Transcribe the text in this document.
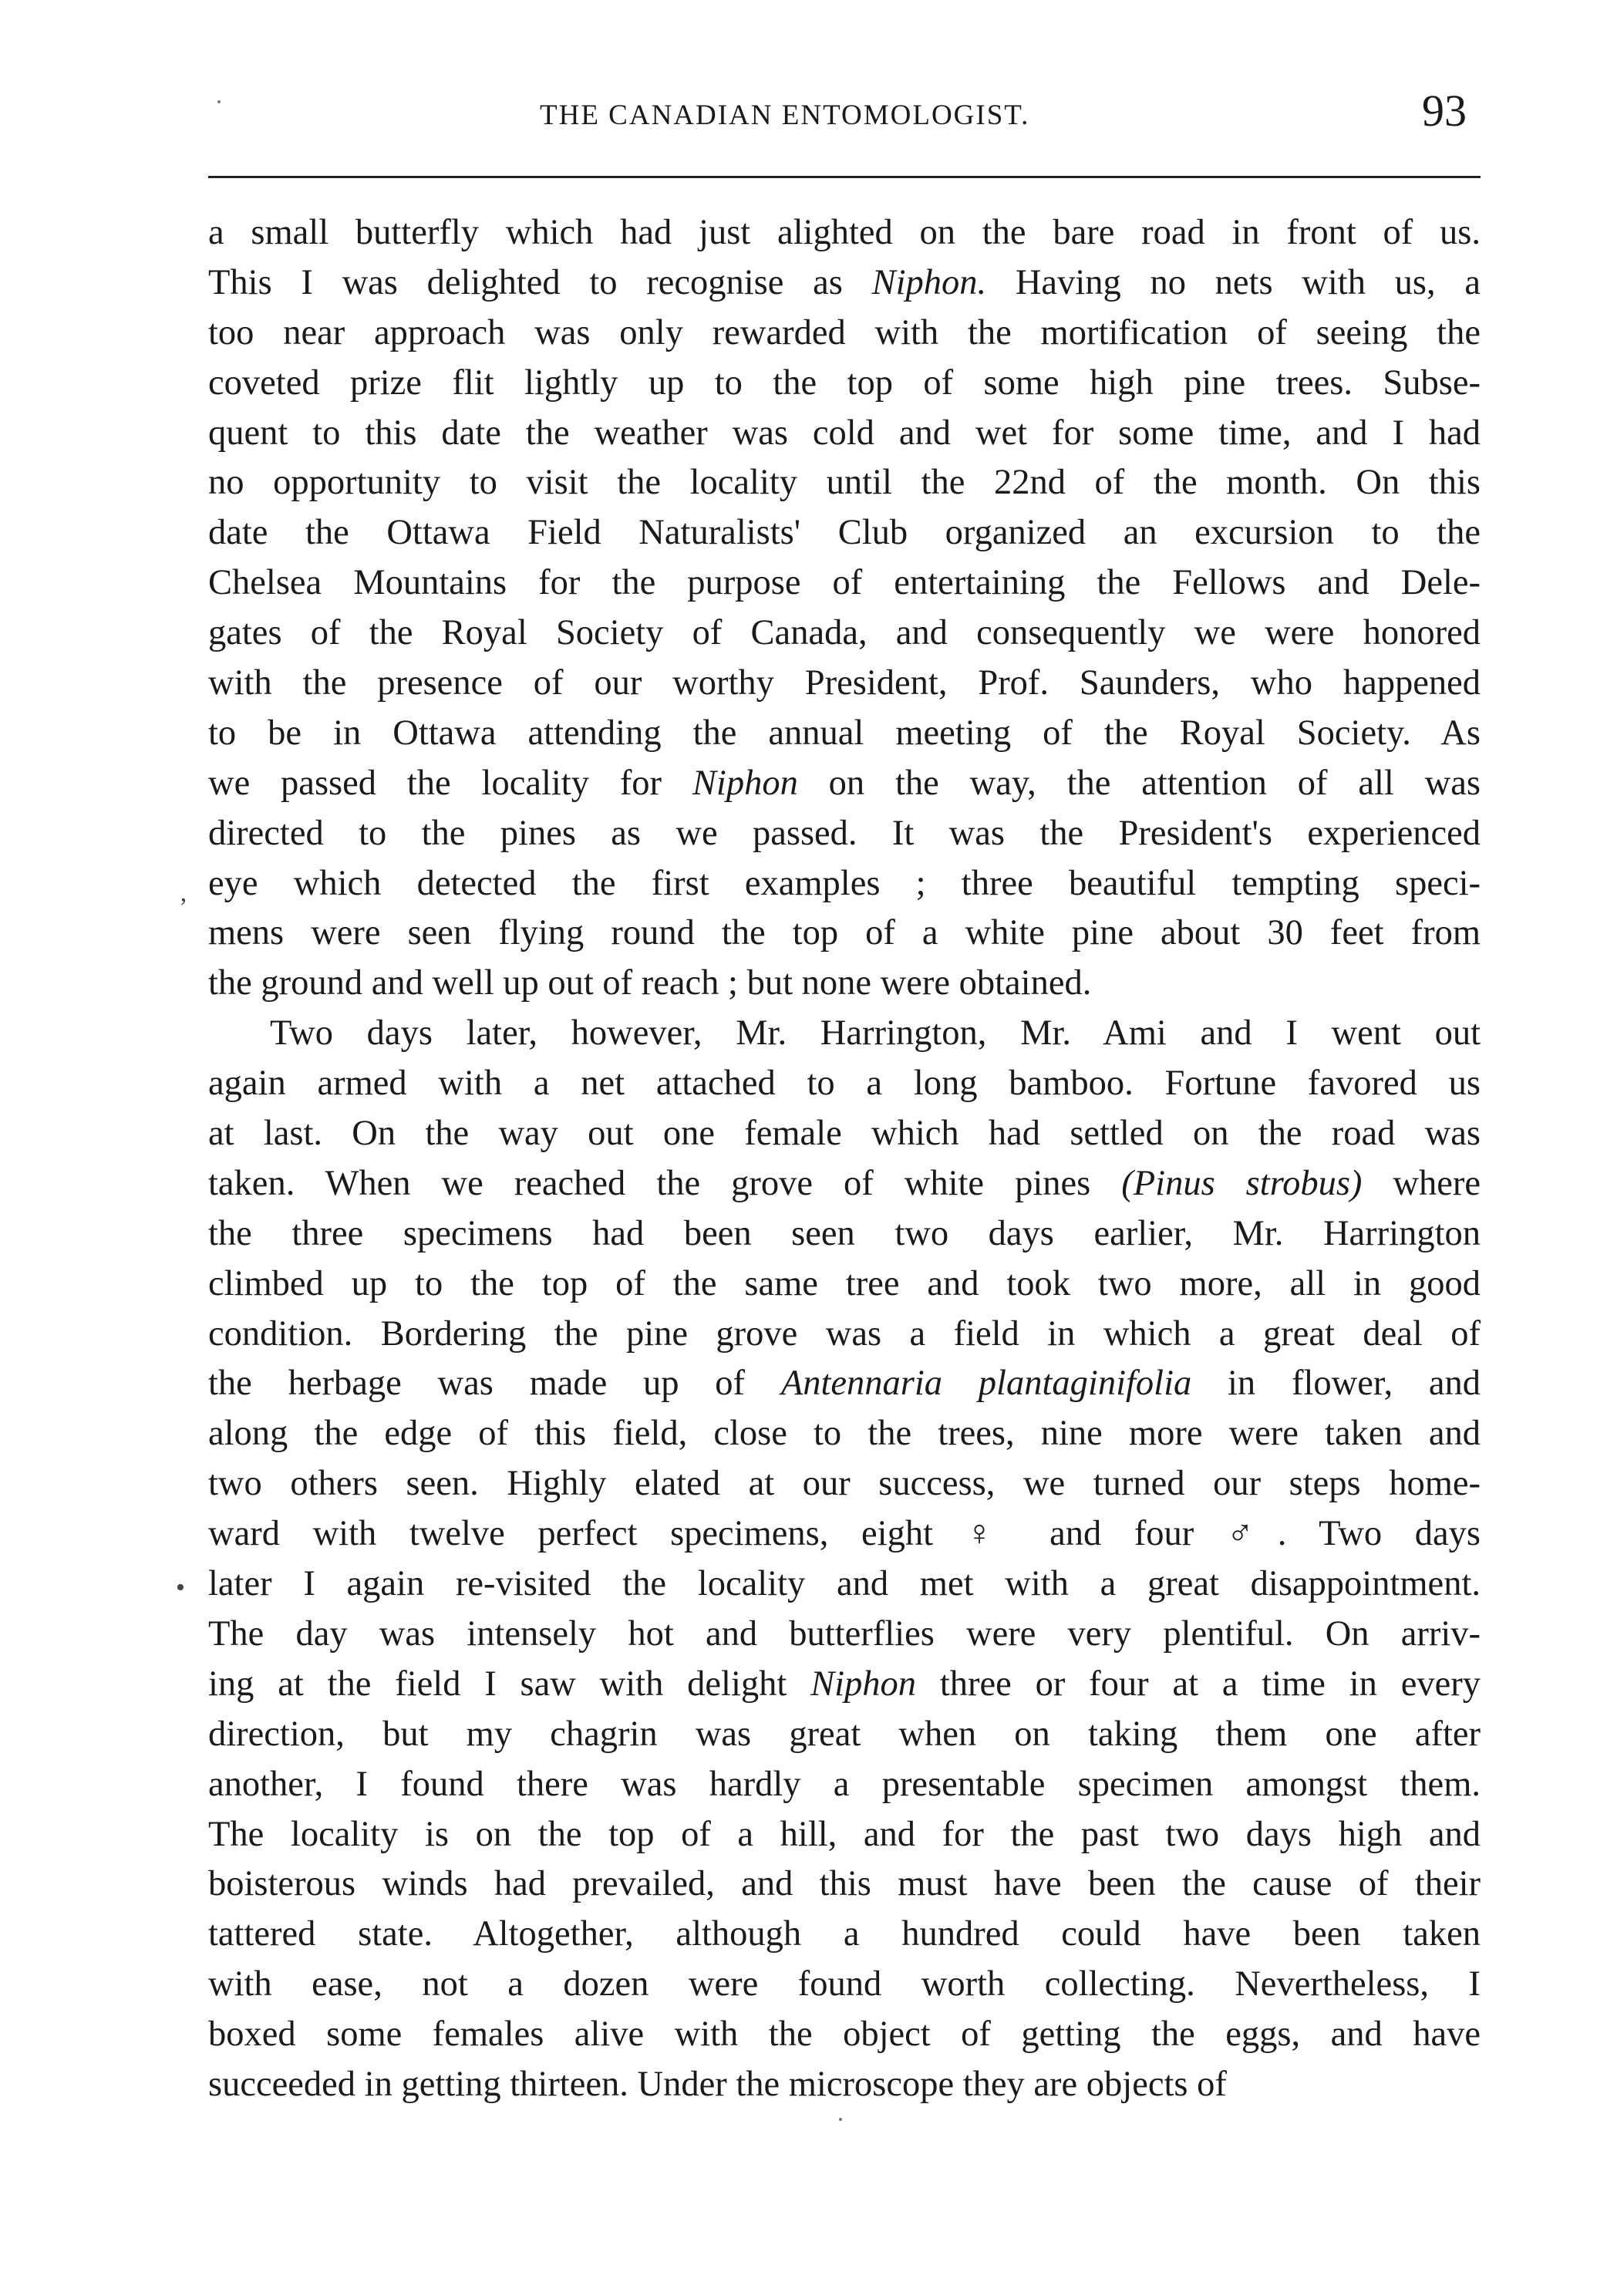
THE CANADIAN ENTOMOLOGIST.	93
a small butterfly which had just alighted on the bare road in front of us.
This I was delighted to recognise as Niphon. Having no nets with us, a
too near approach was only rewarded with the mortification of seeing the
coveted prize flit lightly up to the top of some high pine trees. Subse-
quent to this date the weather was cold and wet for some time, and I had
no opportunity to visit the locality until the 22nd of the month. On this
date the Ottawa Field Naturalists' Club organized an excursion to the
Chelsea Mountains for the purpose of entertaining the Fellows and Dele-
gates of the Royal Society of Canada, and consequently we were honored
with the presence of our worthy President, Prof. Saunders, who happened
to be in Ottawa attending the annual meeting of the Royal Society. As
we passed the locality for Niphon on the way, the attention of all was
directed to the pines as we passed. It was the President's experienced
eye which detected the first examples ; three beautiful tempting speci-
mens were seen flying round the top of a white pine about 30 feet from
the ground and well up out of reach ; but none were obtained.
Two days later, however, Mr. Harrington, Mr. Ami and I went out
again armed with a net attached to a long bamboo. Fortune favored us
at last. On the way out one female which had settled on the road was
taken. When we reached the grove of white pines (Pinus strobus) where
the three specimens had been seen two days earlier, Mr. Harrington
climbed up to the top of the same tree and took two more, all in good
condition. Bordering the pine grove was a field in which a great deal of
the herbage was made up of Antennaria plantaginifolia in flower, and
along the edge of this field, close to the trees, nine more were taken and
two others seen. Highly elated at our success, we turned our steps home-
ward with twelve perfect specimens, eight ♀ and four ♂. Two days
later I again re-visited the locality and met with a great disappointment.
The day was intensely hot and butterflies were very plentiful. On arriv-
ing at the field I saw with delight Niphon three or four at a time in every
direction, but my chagrin was great when on taking them one after
another, I found there was hardly a presentable specimen amongst them.
The locality is on the top of a hill, and for the past two days high and
boisterous winds had prevailed, and this must have been the cause of their
tattered state. Altogether, although a hundred could have been taken
with ease, not a dozen were found worth collecting. Nevertheless, I
boxed some females alive with the object of getting the eggs, and have
succeeded in getting thirteen. Under the microscope they are objects of
’
•
